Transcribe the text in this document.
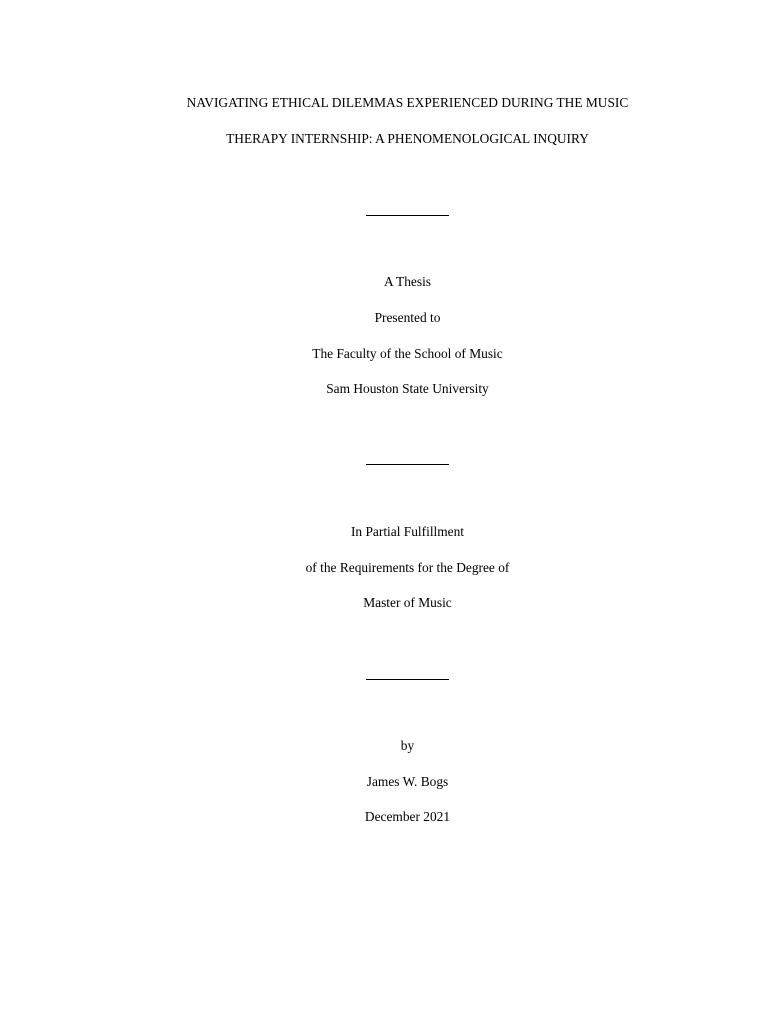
NAVIGATING ETHICAL DILEMMAS EXPERIENCED DURING THE MUSIC
THERAPY INTERNSHIP: A PHENOMENOLOGICAL INQUIRY
A Thesis
Presented to
The Faculty of the School of Music
Sam Houston State University
In Partial Fulfillment
of the Requirements for the Degree of
Master of Music
by
James W. Bogs
December 2021
